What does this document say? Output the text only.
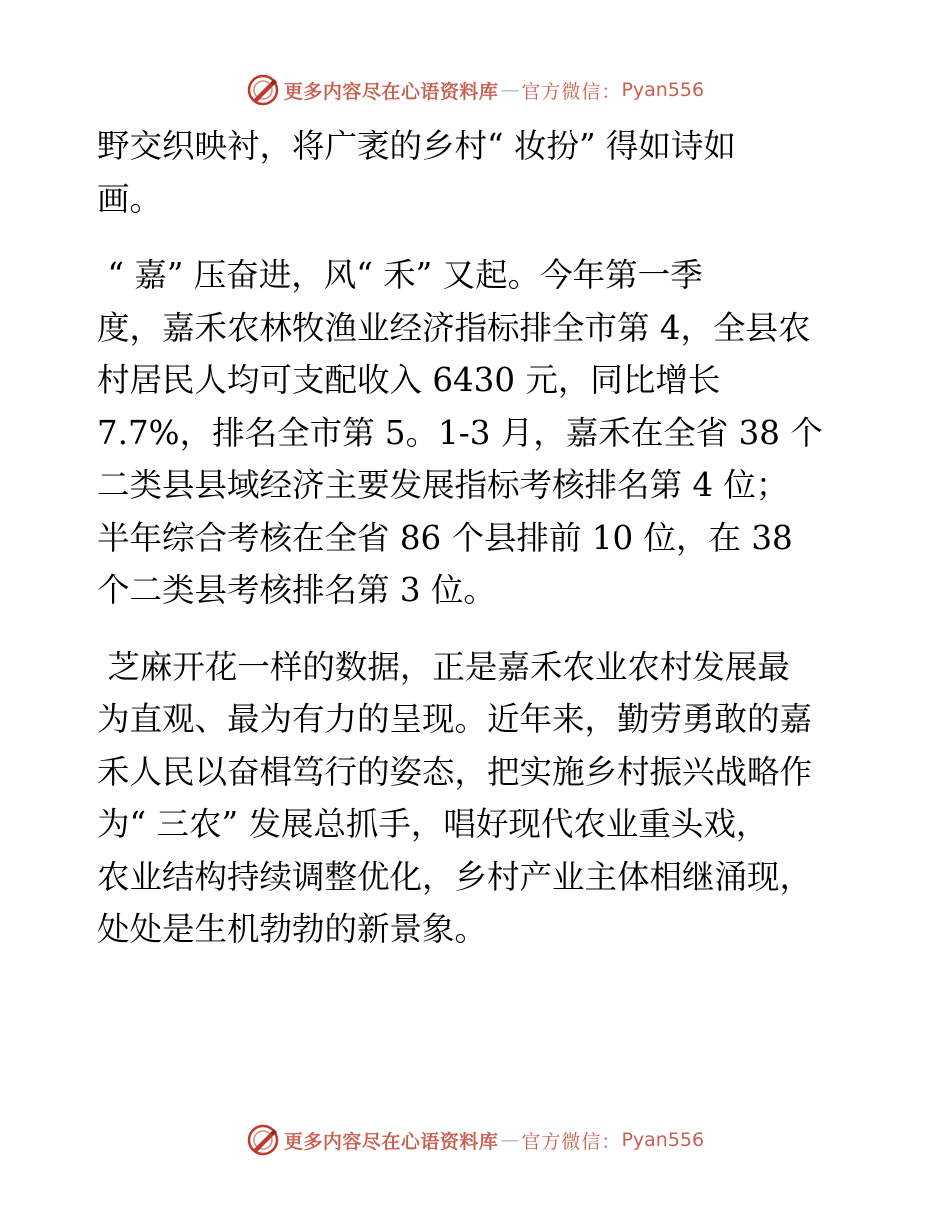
更多内容尽在心语资料库 — 官方微信： Pyan556
野交织映衬，将广袤的乡村“ 妆扮” 得如诗如
画。
“ 嘉” 压奋进，风“ 禾” 又起。今年第一季
度，嘉禾农林牧渔业经济指标排全市第 4，全县农
村居民人均可支配收入 6430 元，同比增长
7.7%，排名全市第 5。1-3 月，嘉禾在全省 38 个
二类县县域经济主要发展指标考核排名第 4 位；
半年综合考核在全省 86 个县排前 10 位，在 38
个二类县考核排名第 3 位。
芝麻开花一样的数据，正是嘉禾农业农村发展最
为直观、最为有力的呈现。近年来，勤劳勇敢的嘉
禾人民以奋楫笃行的姿态，把实施乡村振兴战略作
为“ 三农” 发展总抓手，唱好现代农业重头戏，
农业结构持续调整优化，乡村产业主体相继涌现，
处处是生机勃勃的新景象。
更多内容尽在心语资料库 — 官方微信： Pyan556
